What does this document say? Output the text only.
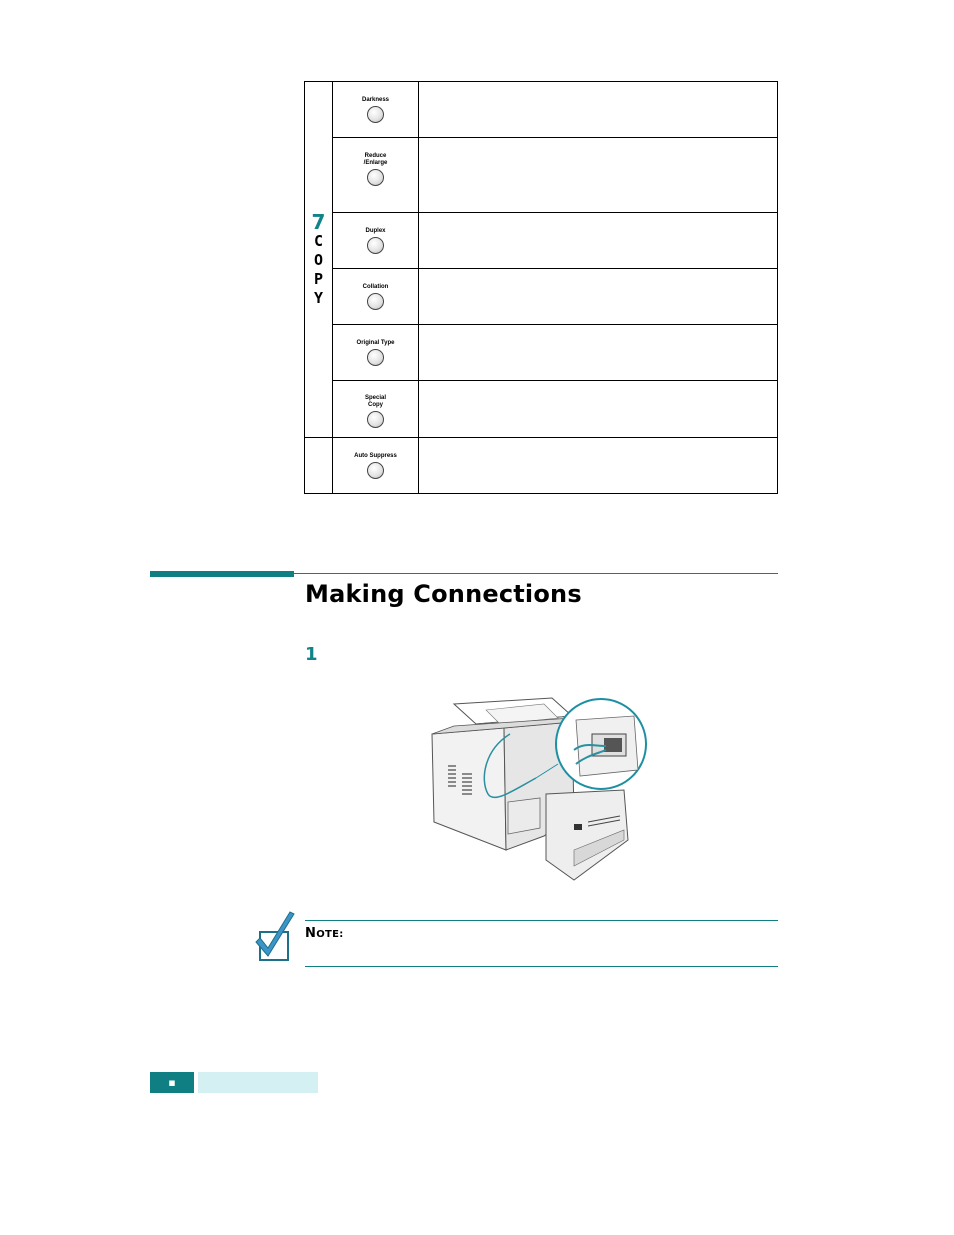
7
C
O
P
Y	Darkness	

	Reduce
/Enlarge	

	Duplex	

	Collation	

	Original Type	

	Special
Copy	

	Auto Suppress	

Making Connections
1
NOTE:
▪
